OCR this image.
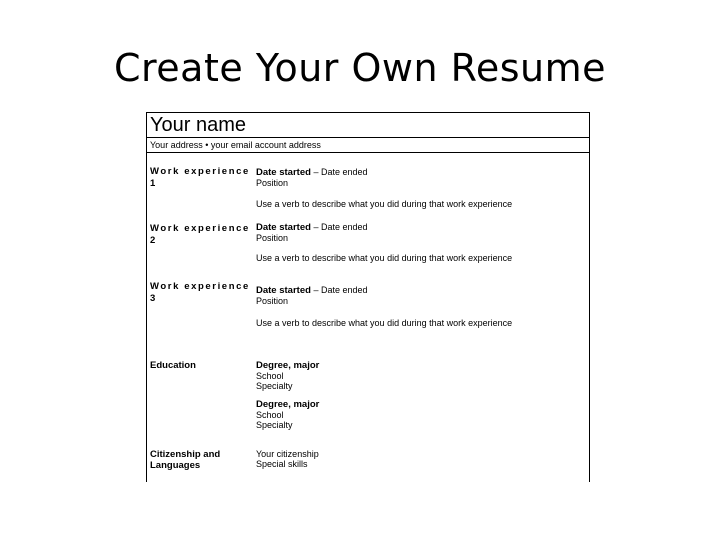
Create Your Own Resume
Your name
Your address • your email account address
Work experience
1
Date started – Date ended
Position
Use a verb to describe what you did during that work experience
Work experience
2
Date started – Date ended
Position
Use a verb to describe what you did during that work experience
Work experience
3
Date started – Date ended
Position
Use a verb to describe what you did during that work experience
Education	Degree, major
School
Specialty
Degree, major
School
Specialty
Citizenship and
Languages
Your citizenship
Special skills
